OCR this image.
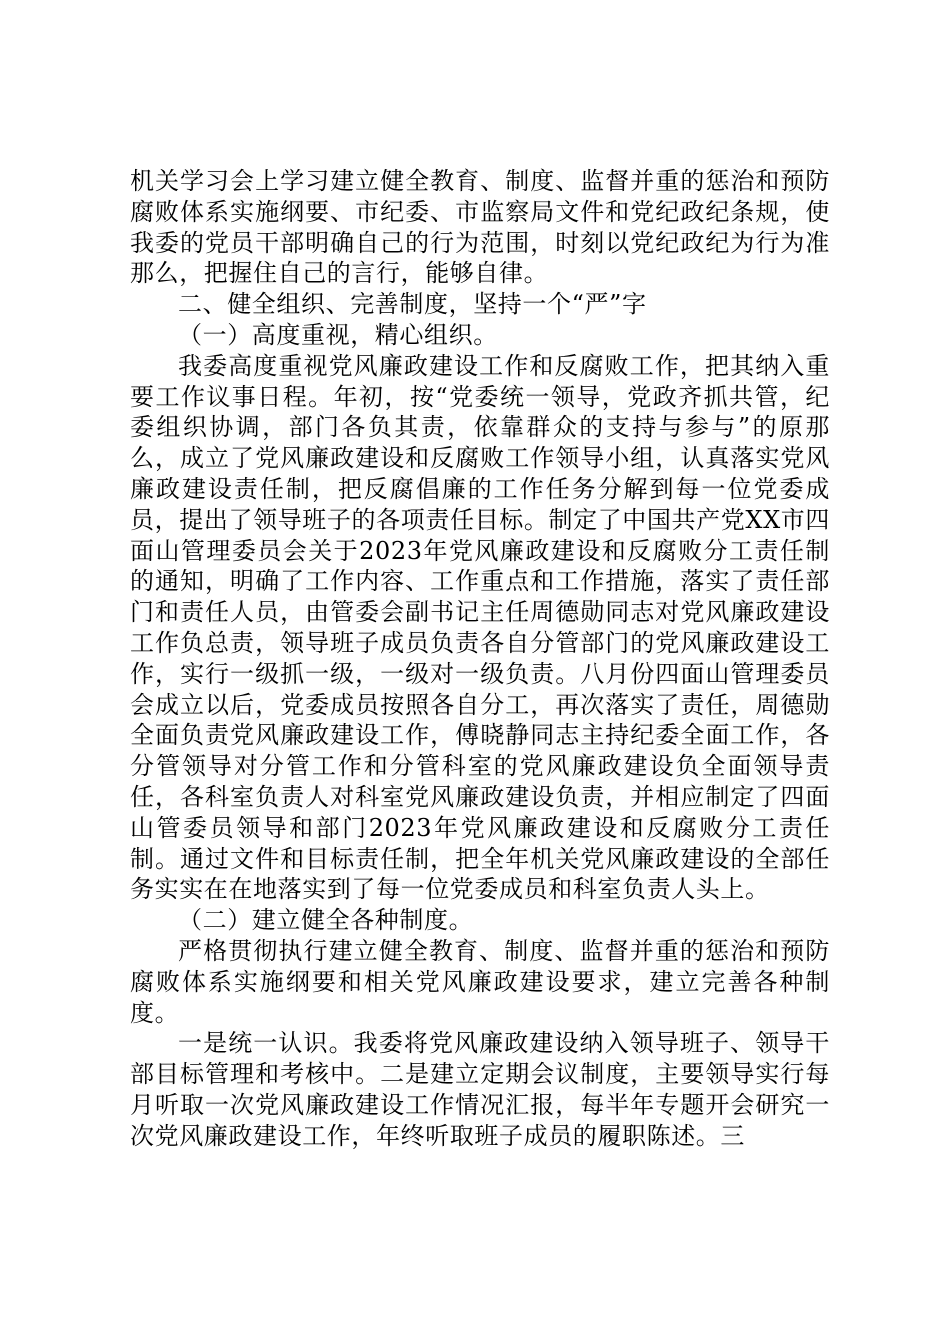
机关学习会上学习建立健全教育、制度、监督并重的惩治和预防腐败体系实施纲要、市纪委、市监察局文件和党纪政纪条规，使我委的党员干部明确自己的行为范围，时刻以党纪政纪为行为准那么，把握住自己的言行，能够自律。

二、健全组织、完善制度，坚持一个“严”字

（一）高度重视，精心组织。

我委高度重视党风廉政建设工作和反腐败工作，把其纳入重要工作议事日程。年初，按“党委统一领导，党政齐抓共管，纪委组织协调，部门各负其责，依靠群众的支持与参与”的原那么，成立了党风廉政建设和反腐败工作领导小组，认真落实党风廉政建设责任制，把反腐倡廉的工作任务分解到每一位党委成员，提出了领导班子的各项责任目标。制定了中国共产党XX市四面山管理委员会关于2023年党风廉政建设和反腐败分工责任制的通知，明确了工作内容、工作重点和工作措施，落实了责任部门和责任人员，由管委会副书记主任周德勋同志对党风廉政建设工作负总责，领导班子成员负责各自分管部门的党风廉政建设工作，实行一级抓一级，一级对一级负责。八月份四面山管理委员会成立以后，党委成员按照各自分工，再次落实了责任，周德勋全面负责党风廉政建设工作，傅晓静同志主持纪委全面工作，各分管领导对分管工作和分管科室的党风廉政建设负全面领导责任，各科室负责人对科室党风廉政建设负责，并相应制定了四面山管委员领导和部门2023年党风廉政建设和反腐败分工责任制。通过文件和目标责任制，把全年机关党风廉政建设的全部任务实实在在地落实到了每一位党委成员和科室负责人头上。

（二）建立健全各种制度。

严格贯彻执行建立健全教育、制度、监督并重的惩治和预防腐败体系实施纲要和相关党风廉政建设要求，建立完善各种制度。

一是统一认识。我委将党风廉政建设纳入领导班子、领导干部目标管理和考核中。二是建立定期会议制度，主要领导实行每月听取一次党风廉政建设工作情况汇报，每半年专题开会研究一次党风廉政建设工作，年终听取班子成员的履职陈述。三
